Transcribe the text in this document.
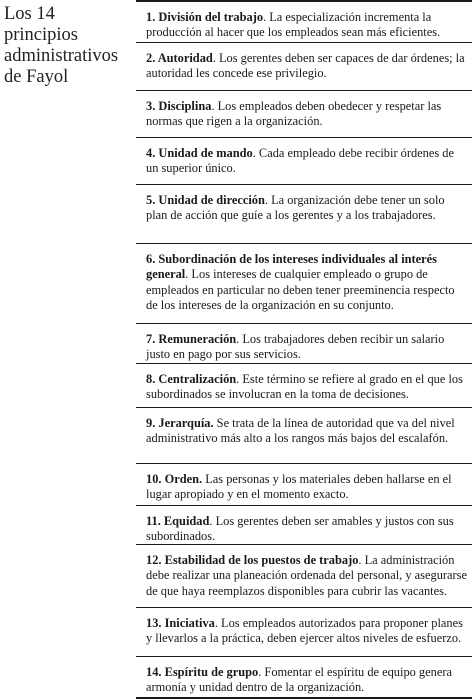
Los 14 principios administrativos de Fayol
1. División del trabajo. La especialización incrementa la producción al hacer que los empleados sean más eficientes.
2. Autoridad. Los gerentes deben ser capaces de dar órdenes; la autoridad les concede ese privilegio.
3. Disciplina. Los empleados deben obedecer y respetar las normas que rigen a la organización.
4. Unidad de mando. Cada empleado debe recibir órdenes de un superior único.
5. Unidad de dirección. La organización debe tener un solo plan de acción que guíe a los gerentes y a los trabajadores.
6. Subordinación de los intereses individuales al interés general. Los intereses de cualquier empleado o grupo de empleados en particular no deben tener preeminencia respecto de los intereses de la organización en su conjunto.
7. Remuneración. Los trabajadores deben recibir un salario justo en pago por sus servicios.
8. Centralización. Este término se refiere al grado en el que los subordinados se involucran en la toma de decisiones.
9. Jerarquía. Se trata de la línea de autoridad que va del nivel administrativo más alto a los rangos más bajos del escalafón.
10. Orden. Las personas y los materiales deben hallarse en el lugar apropiado y en el momento exacto.
11. Equidad. Los gerentes deben ser amables y justos con sus subordinados.
12. Estabilidad de los puestos de trabajo. La administración debe realizar una planeación ordenada del personal, y asegurarse de que haya reemplazos disponibles para cubrir las vacantes.
13. Iniciativa. Los empleados autorizados para proponer planes y llevarlos a la práctica, deben ejercer altos niveles de esfuerzo.
14. Espíritu de grupo. Fomentar el espíritu de equipo genera armonía y unidad dentro de la organización.
